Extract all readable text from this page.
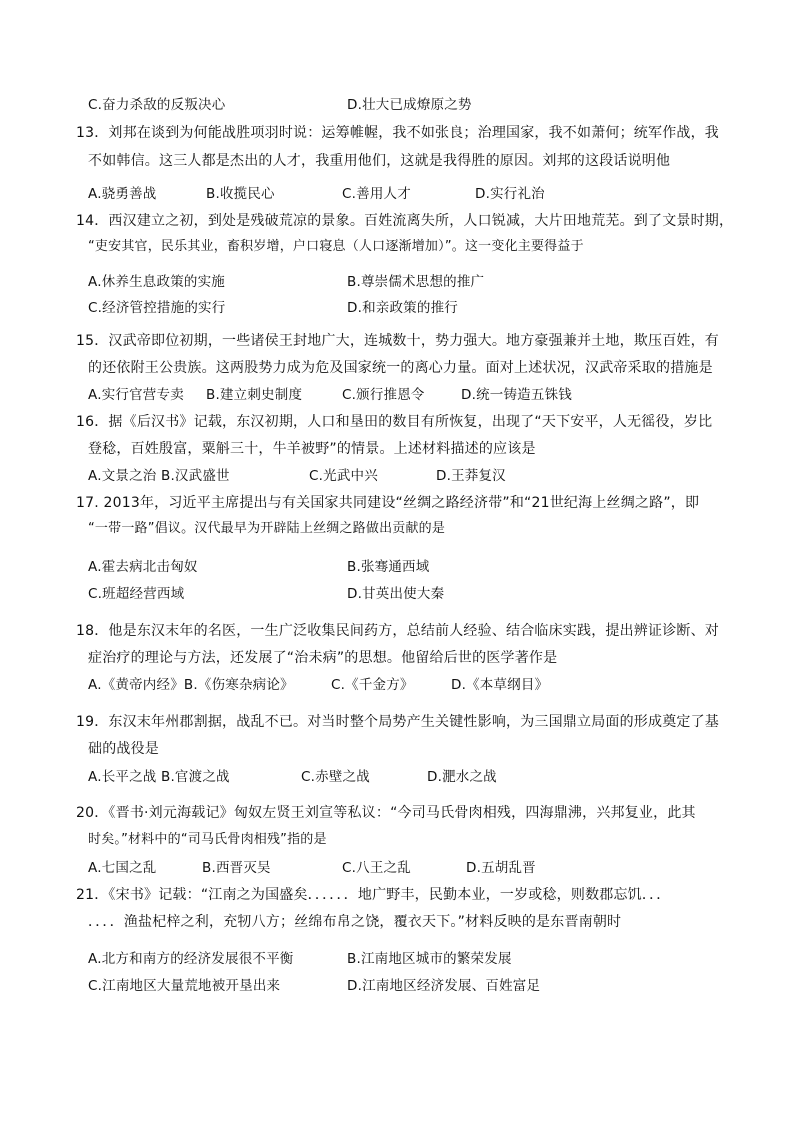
C.奋力杀敌的反叛决心	D.壮大已成燎原之势
13．刘邦在谈到为何能战胜项羽时说：运筹帷幄，我不如张良；治理国家，我不如萧何；统军作战，我
不如韩信。这三人都是杰出的人才，我重用他们，这就是我得胜的原因。刘邦的这段话说明他
A.骁勇善战	B.收揽民心	C.善用人才	D.实行礼治
14．西汉建立之初，到处是残破荒凉的景象。百姓流离失所，人口锐减，大片田地荒芜。到了文景时期，
“吏安其官，民乐其业，畜积岁增，户口寝息（人口逐渐增加）”。这一变化主要得益于
A.休养生息政策的实施	B.尊崇儒术思想的推广
C.经济管控措施的实行	D.和亲政策的推行
15．汉武帝即位初期，一些诸侯王封地广大，连城数十，势力强大。地方豪强兼并土地，欺压百姓，有
的还依附王公贵族。这两股势力成为危及国家统一的离心力量。面对上述状况，汉武帝采取的措施是
A.实行官营专卖 B.建立刺史制度	C.颁行推恩令	D.统一铸造五铢钱
16．据《后汉书》记载，东汉初期，人口和垦田的数目有所恢复，出现了“天下安平，人无徭役，岁比
登稔，百姓殷富，粟斛三十，牛羊被野”的情景。上述材料描述的应该是
A.文景之治 B.汉武盛世	C.光武中兴	D.王莽复汉
17. 2013年，习近平主席提出与有关国家共同建设“丝绸之路经济带”和“21世纪海上丝绸之路”，即
“一带一路”倡议。汉代最早为开辟陆上丝绸之路做出贡献的是
A.霍去病北击匈奴	B.张骞通西域
C.班超经营西域	D.甘英出使大秦
18．他是东汉末年的名医，一生广泛收集民间药方，总结前人经验、结合临床实践，提出辨证诊断、对
症治疗的理论与方法，还发展了“治未病”的思想。他留给后世的医学著作是
A.《黄帝内经》B.《伤寒杂病论》	C.《千金方》	D.《本草纲目》
19．东汉末年州郡割据，战乱不已。对当时整个局势产生关键性影响，为三国鼎立局面的形成奠定了基
础的战役是
A.长平之战 B.官渡之战	C.赤壁之战	D.淝水之战
20．《晋书·刘元海载记》匈奴左贤王刘宣等私议：“今司马氏骨肉相残，四海鼎沸，兴邦复业，此其
时矣。”材料中的“司马氏骨肉相残”指的是
A.七国之乱	B.西晋灭吴	C.八王之乱	D.五胡乱晋
21．《宋书》记载：“江南之为国盛矣．．．．．．地广野丰，民勤本业，一岁或稔，则数郡忘饥．．．
．．．．渔盐杞梓之利，充牣八方；丝绵布帛之饶，覆衣天下。”材料反映的是东晋南朝时
A.北方和南方的经济发展很不平衡	B.江南地区城市的繁荣发展
C.江南地区大量荒地被开垦出来	D.江南地区经济发展、百姓富足
